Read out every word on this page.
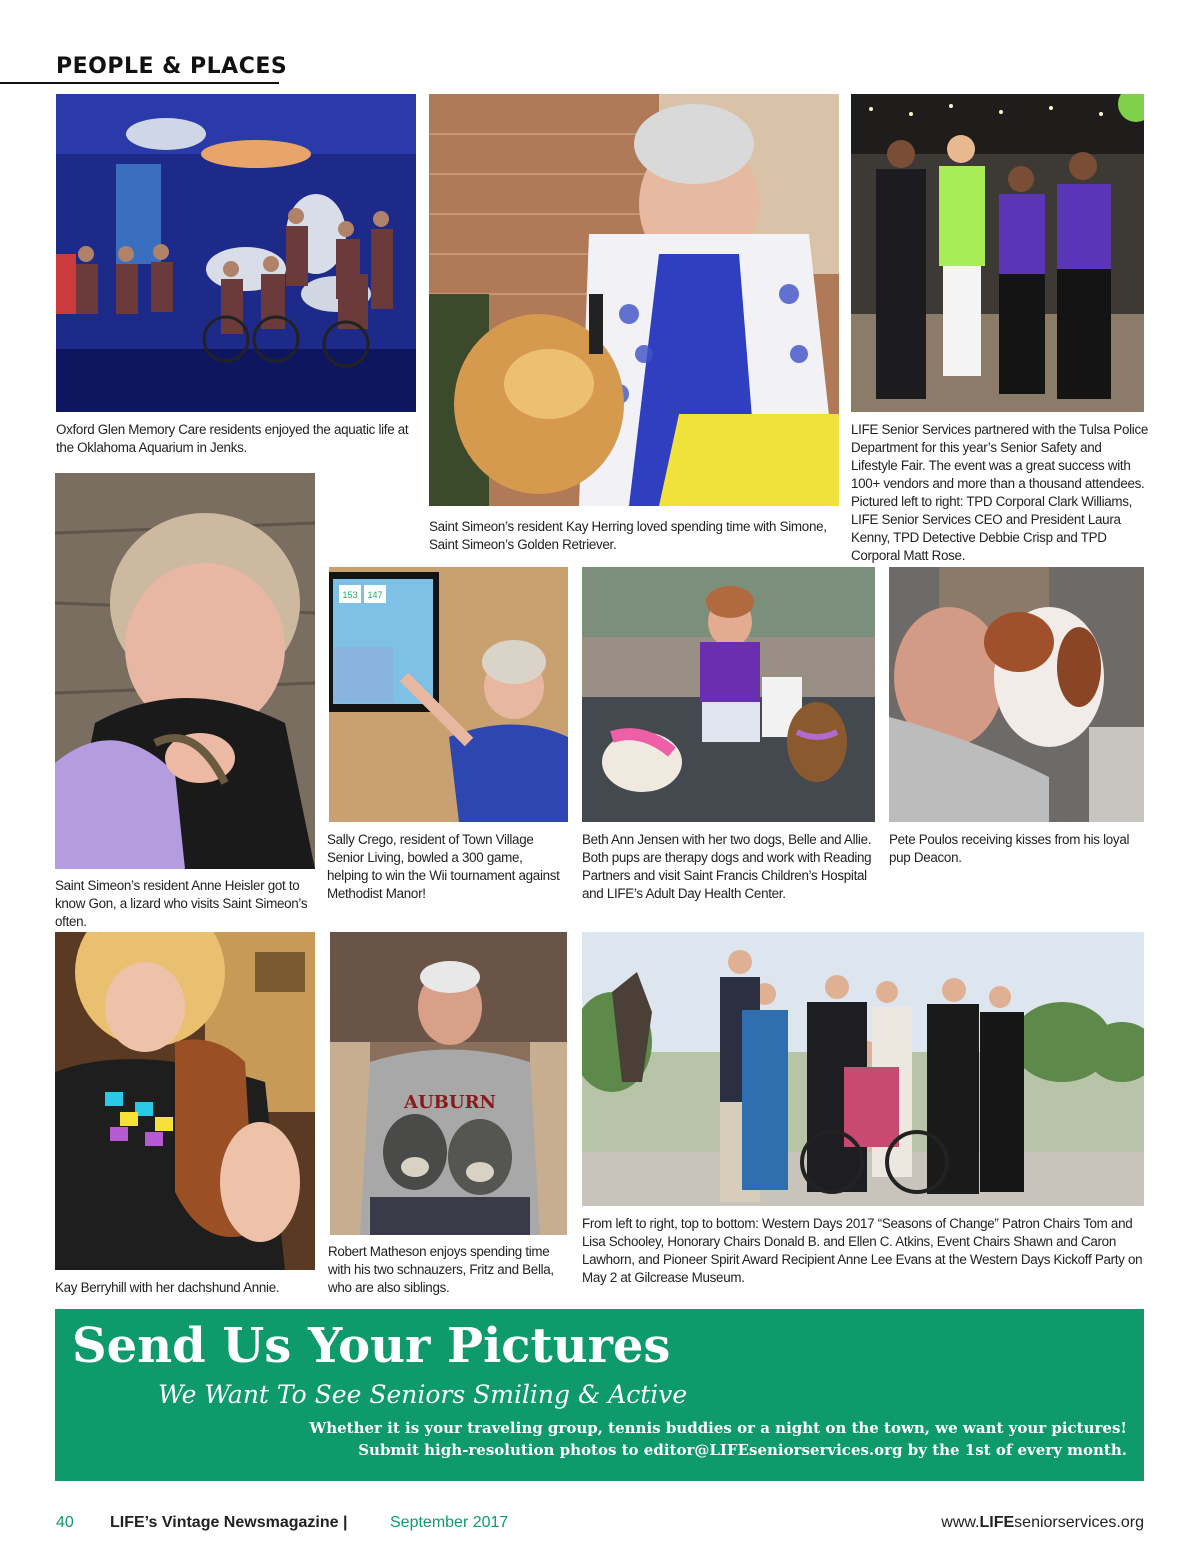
PEOPLE & PLACES
Oxford Glen Memory Care residents enjoyed the aquatic life at the Oklahoma Aquarium in Jenks.
Saint Simeon’s resident Kay Herring loved spending time with Simone, Saint Simeon’s Golden Retriever.
LIFE Senior Services partnered with the Tulsa Police Department for this year’s Senior Safety and Lifestyle Fair. The event was a great success with 100+ vendors and more than a thousand attendees. Pictured left to right: TPD Corporal Clark Williams, LIFE Senior Services CEO and President Laura Kenny, TPD Detective Debbie Crisp and TPD Corporal Matt Rose.
Saint Simeon’s resident Anne Heisler got to know Gon, a lizard who visits Saint Simeon’s often.
153 147
Sally Crego, resident of Town Village Senior Living, bowled a 300 game, helping to win the Wii tournament against Methodist Manor!
Beth Ann Jensen with her two dogs, Belle and Allie. Both pups are therapy dogs and work with Reading Partners and visit Saint Francis Children’s Hospital and LIFE’s Adult Day Health Center.
Pete Poulos receiving kisses from his loyal pup Deacon.
Kay Berryhill with her dachshund Annie.
AUBURN
Robert Matheson enjoys spending time with his two schnauzers, Fritz and Bella, who are also siblings.
From left to right, top to bottom: Western Days 2017 “Seasons of Change” Patron Chairs Tom and Lisa Schooley, Honorary Chairs Donald B. and Ellen C. Atkins, Event Chairs Shawn and Caron Lawhorn, and Pioneer Spirit Award Recipient Anne Lee Evans at the Western Days Kickoff Party on May 2 at Gilcrease Museum.
Send Us Your Pictures
We Want To See Seniors Smiling & Active
Whether it is your traveling group, tennis buddies or a night on the town, we want your pictures!
Submit high-resolution photos to editor@LIFEseniorservices.org by the 1st of every month.
40 LIFE’s Vintage Newsmagazine |	September 2017	www.LIFEseniorservices.org
